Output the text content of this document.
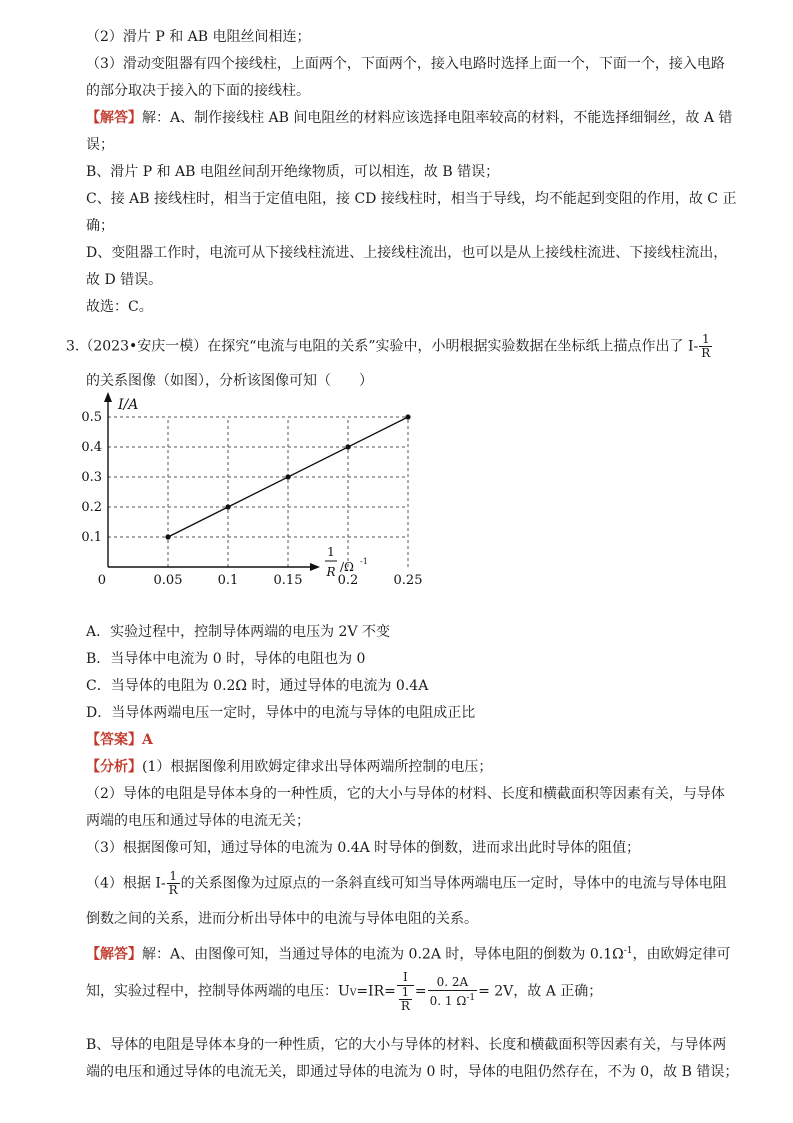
（2）滑片 P 和 AB 电阻丝间相连；
（3）滑动变阻器有四个接线柱，上面两个，下面两个，接入电路时选择上面一个，下面一个，接入电路
的部分取决于接入的下面的接线柱。
【解答】解：A、制作接线柱 AB 间电阻丝的材料应该选择电阻率较高的材料，不能选择细铜丝，故 A 错
误；
B、滑片 P 和 AB 电阻丝间刮开绝缘物质，可以相连，故 B 错误；
C、接 AB 接线柱时，相当于定值电阻，接 CD 接线柱时，相当于导线，均不能起到变阻的作用，故 C 正
确；
D、变阻器工作时，电流可从下接线柱流进、上接线柱流出，也可以是从上接线柱流进、下接线柱流出，
故 D 错误。
故选：C。
3.（2023•安庆一模）在探究“电流与电阻的关系”实验中，小明根据实验数据在坐标纸上描点作出了 $I- \frac{1}{R}$
的关系图像（如图），分析该图像可知（　　）
0.05	0.1	0.15	0.2	0.25
0.1
0.2
0.3
0.4
0.5
0
I/A
1
R /Ω -1
A．实验过程中，控制导体两端的电压为 2V 不变
B．当导体中电流为 0 时，导体的电阻也为 0
C．当导体的电阻为 0.2Ω 时，通过导体的电流为 0.4A
D．当导体两端电压一定时，导体中的电流与导体的电阻成正比
【答案】A
【分析】(1）根据图像利用欧姆定律求出导体两端所控制的电压；
（2）导体的电阻是导体本身的一种性质，它的大小与导体的材料、长度和横截面积等因素有关，与导体
两端的电压和通过导体的电流无关；
（3）根据图像可知，通过导体的电流为 0.4A 时导体的倒数，进而求出此时导体的阻值；
（4）根据 $I- \frac{1}{R}$ 的关系图像为过原点的一条斜直线可知当导体两端电压一定时，导体中的电流与导体电阻
倒数之间的关系，进而分析出导体中的电流与导体电阻的关系。
【解答】解：A、由图像可知，当通过导体的电流为 0.2A 时，导体电阻的倒数为 $0.1\Omega^{-1}$，由欧姆定律可
知，实验过程中，控制导体两端的电压：$UV=IR= \frac{I}{\frac{1}{R}} = \frac{0. 2A}{0. 1 \Omega^{-1}} = 2V$，故 A 正确；
B、导体的电阻是导体本身的一种性质，它的大小与导体的材料、长度和横截面积等因素有关，与导体两
端的电压和通过导体的电流无关，即通过导体的电流为 0 时，导体的电阻仍然存在，不为 0，故 B 错误；
